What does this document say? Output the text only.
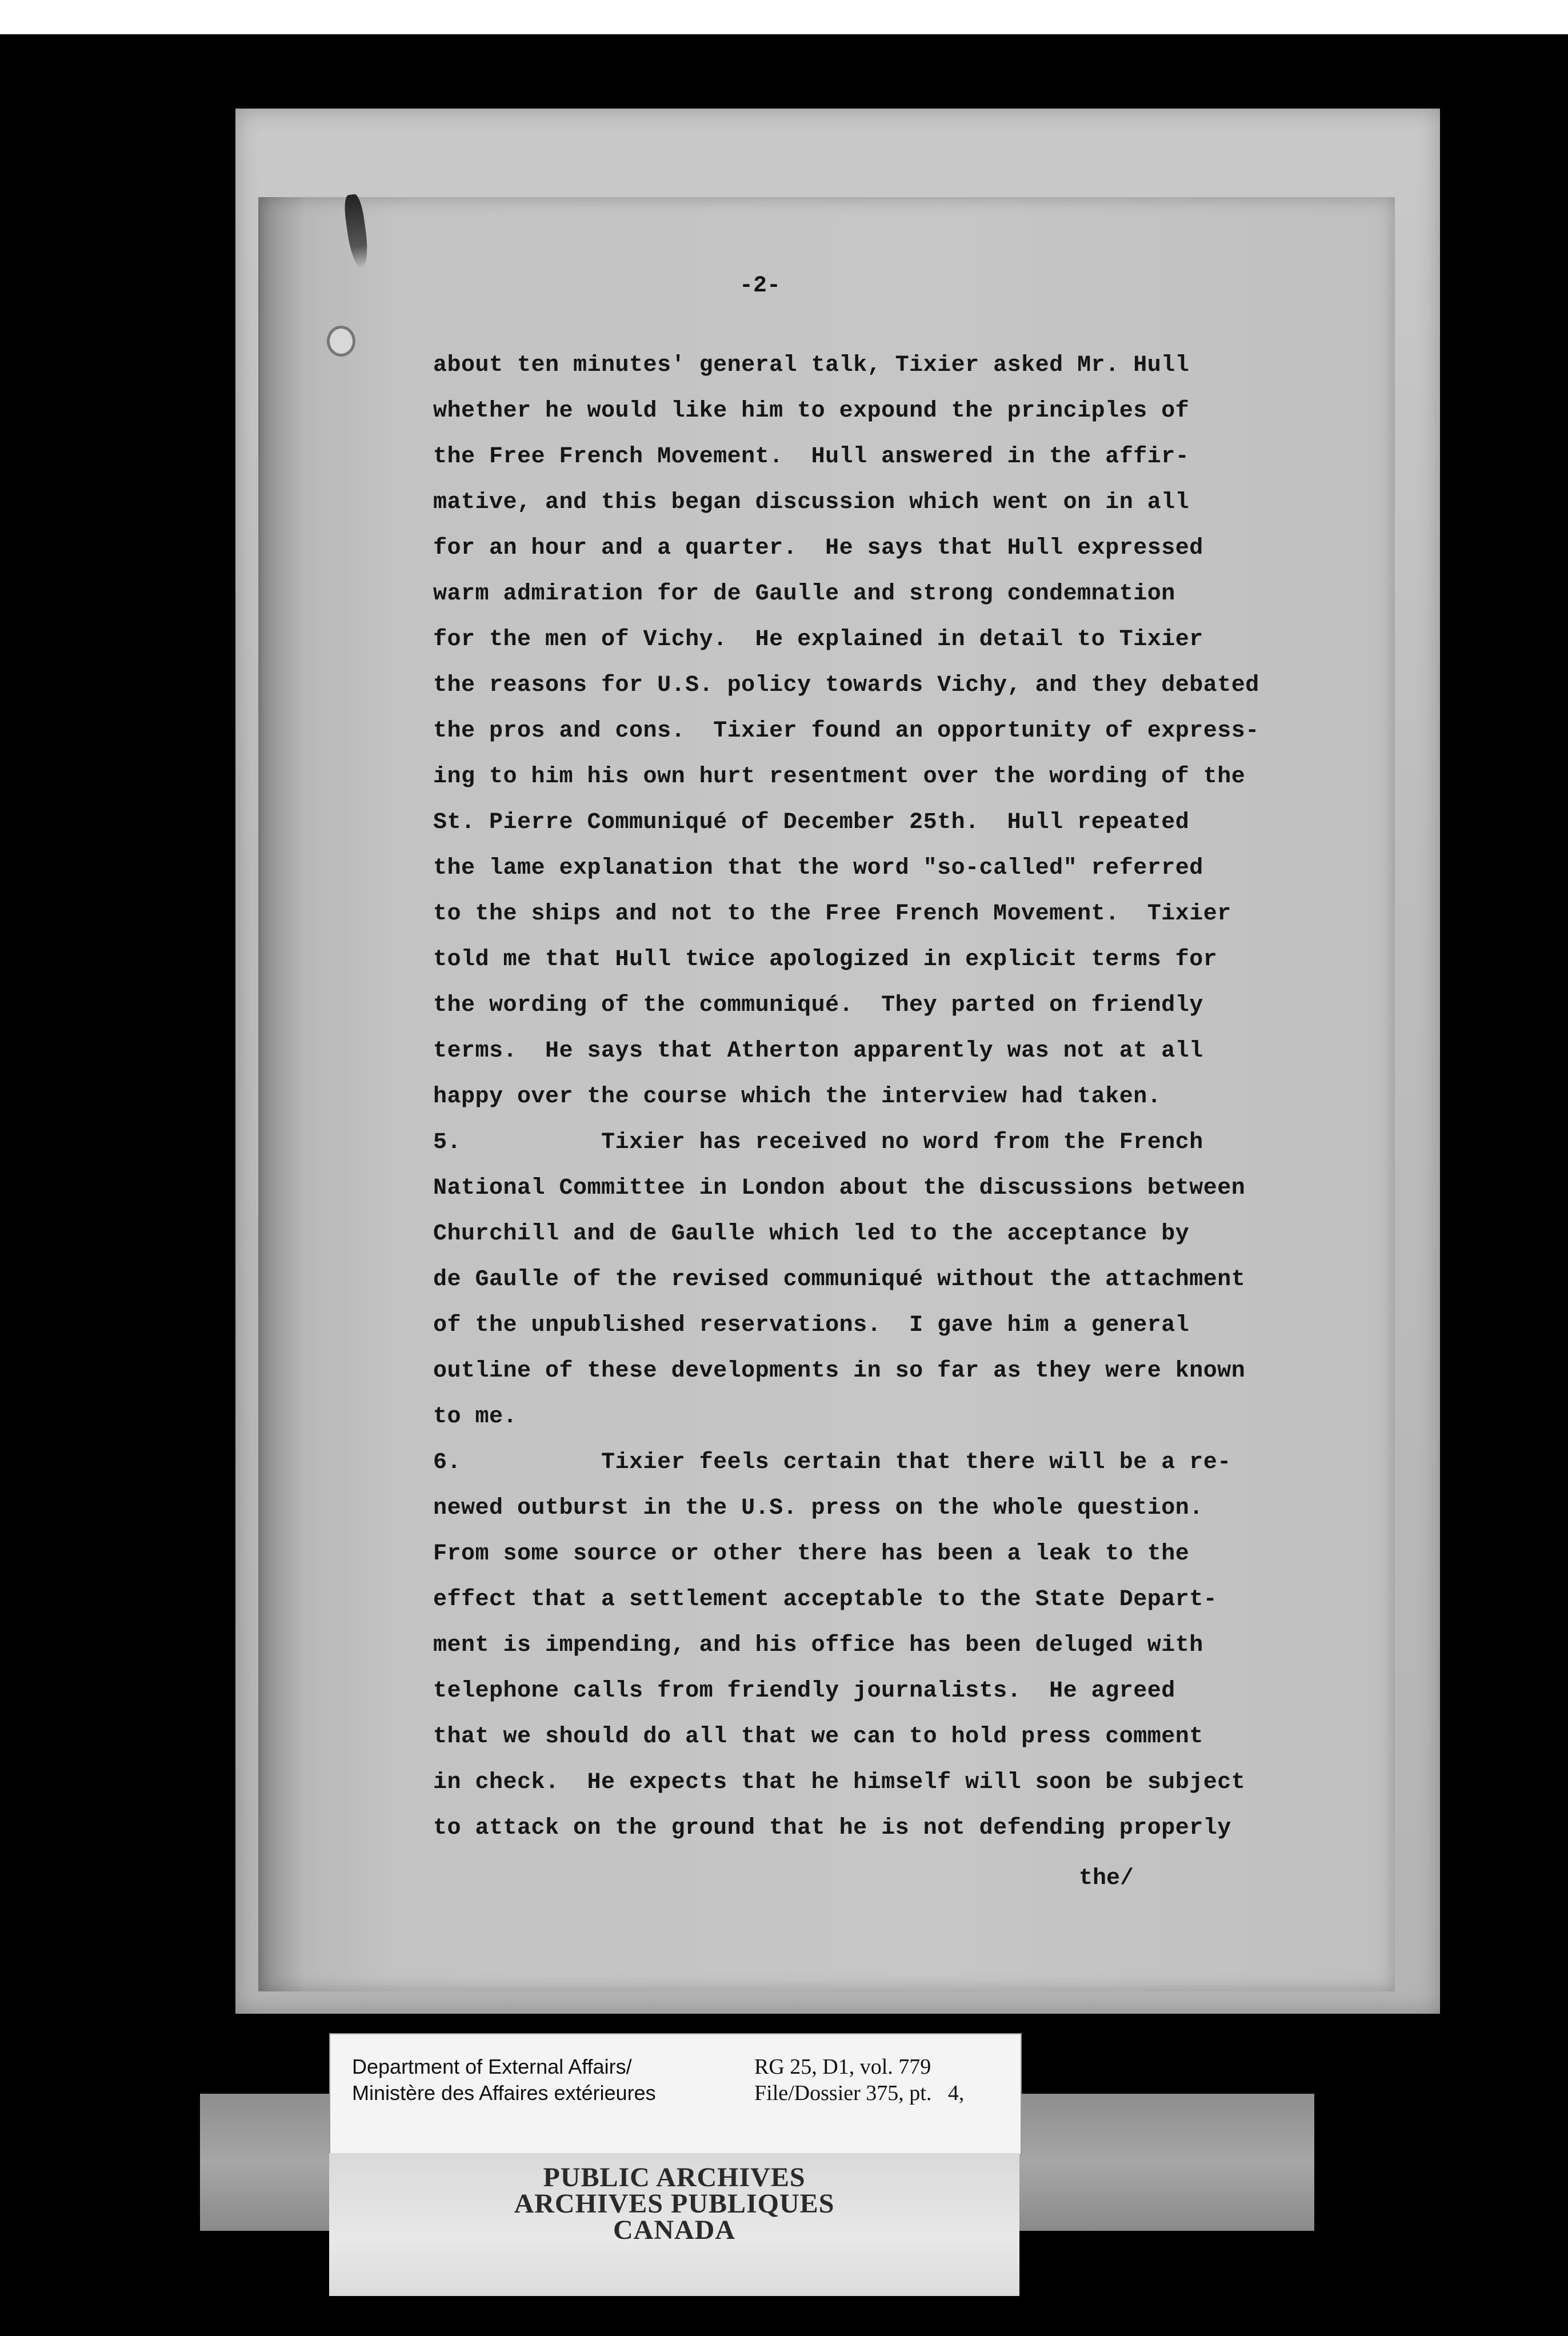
-2-
about ten minutes' general talk, Tixier asked Mr. Hull
whether he would like him to expound the principles of
the Free French Movement.  Hull answered in the affir-
mative, and this began discussion which went on in all
for an hour and a quarter.  He says that Hull expressed
warm admiration for de Gaulle and strong condemnation
for the men of Vichy.  He explained in detail to Tixier
the reasons for U.S. policy towards Vichy, and they debated
the pros and cons.  Tixier found an opportunity of express-
ing to him his own hurt resentment over the wording of the
St. Pierre Communiqué of December 25th.  Hull repeated
the lame explanation that the word "so-called" referred
to the ships and not to the Free French Movement.  Tixier
told me that Hull twice apologized in explicit terms for
the wording of the communiqué.  They parted on friendly
terms.  He says that Atherton apparently was not at all
happy over the course which the interview had taken.
5.          Tixier has received no word from the French
National Committee in London about the discussions between
Churchill and de Gaulle which led to the acceptance by
de Gaulle of the revised communiqué without the attachment
of the unpublished reservations.  I gave him a general
outline of these developments in so far as they were known
to me.
6.          Tixier feels certain that there will be a re-
newed outburst in the U.S. press on the whole question.
From some source or other there has been a leak to the
effect that a settlement acceptable to the State Depart-
ment is impending, and his office has been deluged with
telephone calls from friendly journalists.  He agreed
that we should do all that we can to hold press comment
in check.  He expects that he himself will soon be subject
to attack on the ground that he is not defending properly
the/
Department of External Affairs/
Ministère des Affaires extérieures
RG 25, D1, vol. 779
File/Dossier 375, pt.   4,
PUBLIC ARCHIVES
ARCHIVES PUBLIQUES
CANADA
